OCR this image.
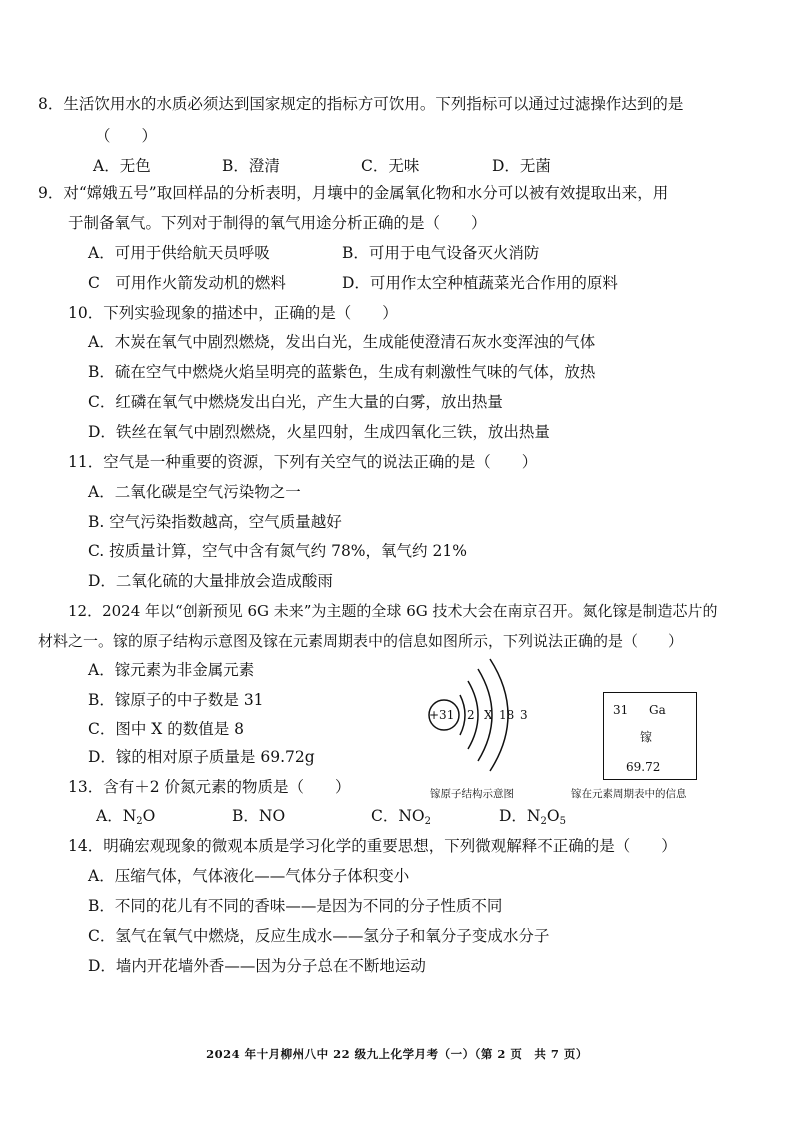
8．生活饮用水的水质必须达到国家规定的指标方可饮用。下列指标可以通过过滤操作达到的是
（　　）
A．无色	B．澄清	C．无味	D．无菌
9．对“嫦娥五号”取回样品的分析表明，月壤中的金属氧化物和水分可以被有效提取出来，用
于制备氧气。下列对于制得的氧气用途分析正确的是（　　）
A．可用于供给航天员呼吸	B．可用于电气设备灭火消防
C　可用作火箭发动机的燃料	D．可用作太空种植蔬菜光合作用的原料
10．下列实验现象的描述中，正确的是（　　）
A．木炭在氧气中剧烈燃烧，发出白光，生成能使澄清石灰水变浑浊的气体
B．硫在空气中燃烧火焰呈明亮的蓝紫色，生成有刺激性气味的气体，放热
C．红磷在氧气中燃烧发出白光，产生大量的白雾，放出热量
D．铁丝在氧气中剧烈燃烧，火星四射，生成四氧化三铁，放出热量
11．空气是一种重要的资源，下列有关空气的说法正确的是（　　）
A．二氧化碳是空气污染物之一
B. 空气污染指数越高，空气质量越好
C. 按质量计算，空气中含有氮气约 78%，氧气约 21%
D．二氧化硫的大量排放会造成酸雨
12．2024 年以“创新预见 6G 未来”为主题的全球 6G 技术大会在南京召开。氮化镓是制造芯片的
材料之一。镓的原子结构示意图及镓在元素周期表中的信息如图所示，下列说法正确的是（　　）
A．镓元素为非金属元素
B．镓原子的中子数是 31
C．图中 X 的数值是 8
D．镓的相对原子质量是 69.72g
+31 2 X 18 3
镓原子结构示意图
31 Ga
镓
69.72
镓在元素周期表中的信息
13．含有＋2 价氮元素的物质是（　　）
A．$N_2O$	B．NO	C．$NO_2$	D．$N_2O_5$
14．明确宏观现象的微观本质是学习化学的重要思想，下列微观解释不正确的是（　　）
A．压缩气体，气体液化——气体分子体积变小
B．不同的花儿有不同的香味——是因为不同的分子性质不同
C．氢气在氧气中燃烧，反应生成水——氢分子和氧分子变成水分子
D．墙内开花墙外香——因为分子总在不断地运动
2024 年十月柳州八中 22 级九上化学月考（一）（第 2 页　共 7 页）
